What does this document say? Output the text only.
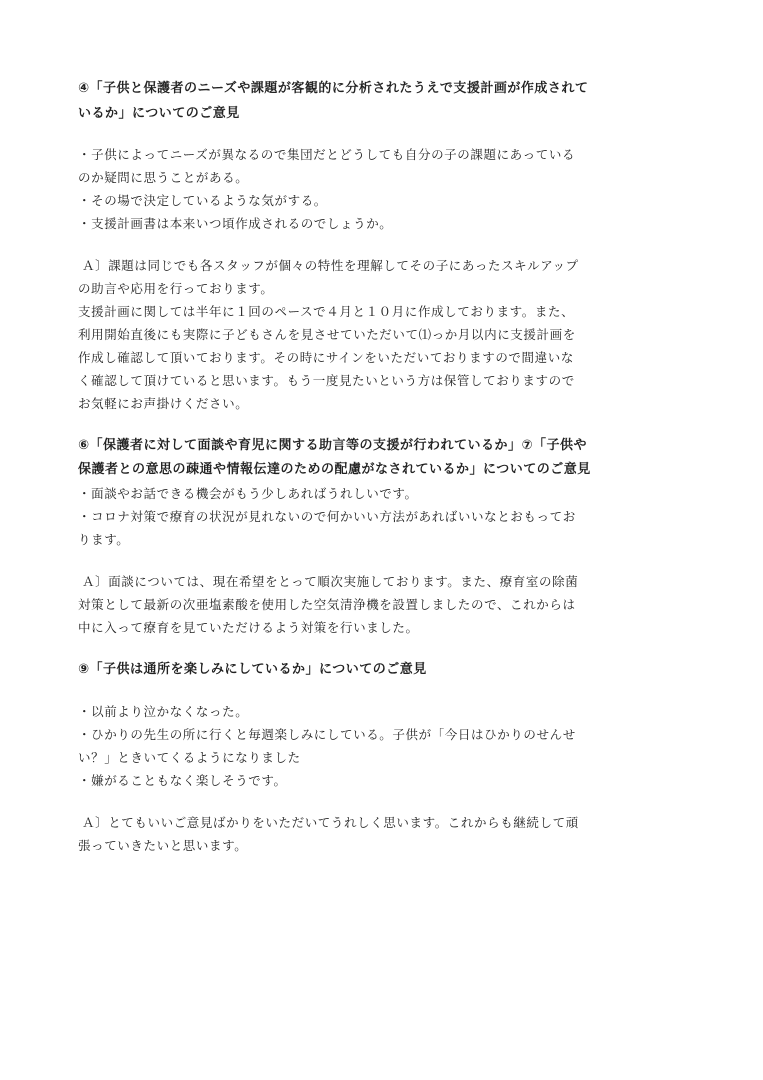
④「子供と保護者のニーズや課題が客観的に分析されたうえで支援計画が作成されて
いるか」についてのご意見
・子供によってニーズが異なるので集団だとどうしても自分の子の課題にあっている
のか疑問に思うことがある。
・その場で決定しているような気がする。
・支援計画書は本来いつ頃作成されるのでしょうか。
Ａ〕課題は同じでも各スタッフが個々の特性を理解してその子にあったスキルアップ
の助言や応用を行っております。
支援計画に関しては半年に１回のペースで４月と１０月に作成しております。また、
利用開始直後にも実際に子どもさんを見させていただいて⑴っか月以内に支援計画を
作成し確認して頂いております。その時にサインをいただいておりますので間違いな
く確認して頂けていると思います。もう一度見たいという方は保管しておりますので
お気軽にお声掛けください。
⑥「保護者に対して面談や育児に関する助言等の支援が行われているか」⑦「子供や
保護者との意思の疎通や情報伝達のための配慮がなされているか」についてのご意見
・面談やお話できる機会がもう少しあればうれしいです。
・コロナ対策で療育の状況が見れないので何かいい方法があればいいなとおもってお
ります。
Ａ〕面談については、現在希望をとって順次実施しております。また、療育室の除菌
対策として最新の次亜塩素酸を使用した空気清浄機を設置しましたので、これからは
中に入って療育を見ていただけるよう対策を行いました。
⑨「子供は通所を楽しみにしているか」についてのご意見
・以前より泣かなくなった。
・ひかりの先生の所に行くと毎週楽しみにしている。子供が「今日はひかりのせんせ
い？」ときいてくるようになりました
・嫌がることもなく楽しそうです。
Ａ〕とてもいいご意見ばかりをいただいてうれしく思います。これからも継続して頑
張っていきたいと思います。
